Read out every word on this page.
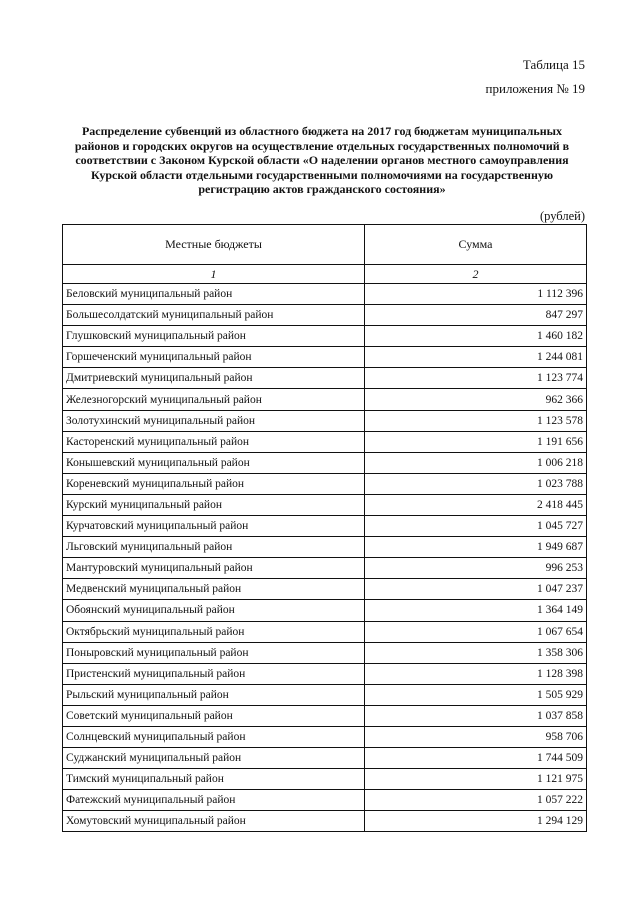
Таблица 15
приложения № 19
Распределение субвенций из областного бюджета на 2017 год бюджетам муниципальных
районов и городских округов на осуществление отдельных государственных полномочий в
соответствии с Законом Курской области «О наделении органов местного самоуправления
Курской области отдельными государственными полномочиями на государственную
регистрацию актов гражданского состояния»
(рублей)
Местные бюджеты	Сумма
1	2
Беловский муниципальный район	1 112 396
Большесолдатский муниципальный район	847 297
Глушковский муниципальный район	1 460 182
Горшеченский муниципальный район	1 244 081
Дмитриевский муниципальный район	1 123 774
Железногорский муниципальный район	962 366
Золотухинский муниципальный район	1 123 578
Касторенский муниципальный район	1 191 656
Конышевский муниципальный район	1 006 218
Кореневский муниципальный район	1 023 788
Курский муниципальный район	2 418 445
Курчатовский муниципальный район	1 045 727
Льговский муниципальный район	1 949 687
Мантуровский муниципальный район	996 253
Медвенский муниципальный район	1 047 237
Обоянский муниципальный район	1 364 149
Октябрьский муниципальный район	1 067 654
Поныровский муниципальный район	1 358 306
Пристенский муниципальный район	1 128 398
Рыльский муниципальный район	1 505 929
Советский муниципальный район	1 037 858
Солнцевский муниципальный район	958 706
Суджанский муниципальный район	1 744 509
Тимский муниципальный район	1 121 975
Фатежский муниципальный район	1 057 222
Хомутовский муниципальный район	1 294 129
